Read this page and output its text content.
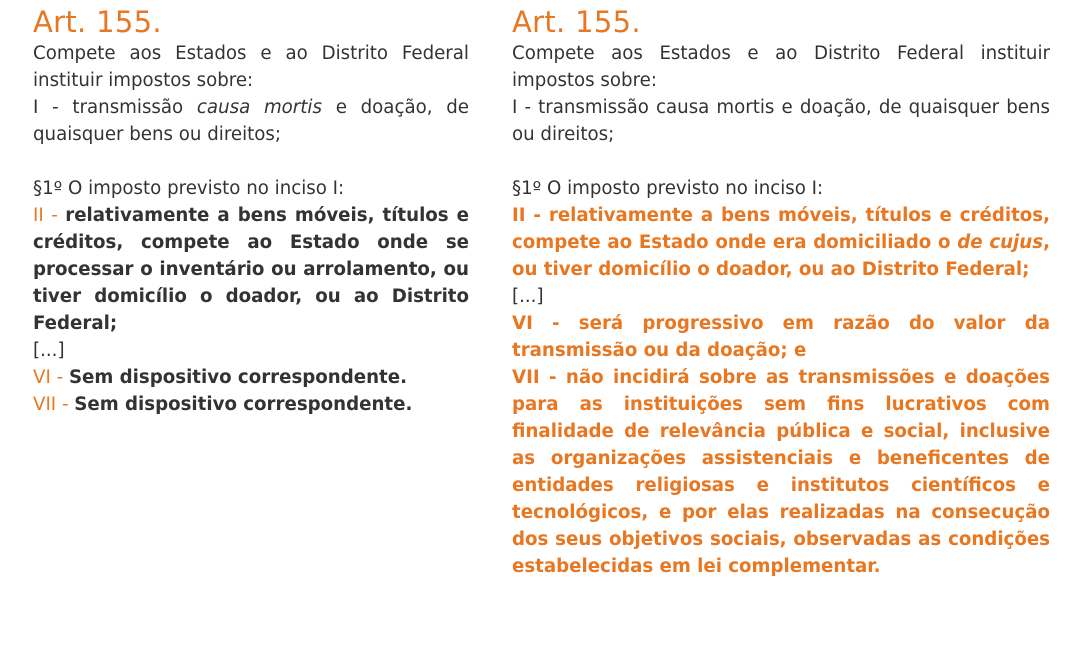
Art. 155.

Compete aos Estados e ao Distrito Federal instituir impostos sobre:

I - transmissão causa mortis e doação, de quaisquer bens ou direitos;

§1º O imposto previsto no inciso I:

II - relativamente a bens móveis, títulos e créditos, compete ao Estado onde se processar o inventário ou arrolamento, ou tiver domicílio o doador, ou ao Distrito Federal;

[...]

VI - Sem dispositivo correspondente.

VII - Sem dispositivo correspondente.

Art. 155.

Compete aos Estados e ao Distrito Federal instituir impostos sobre:

I - transmissão causa mortis e doação, de quaisquer bens ou direitos;

§1º O imposto previsto no inciso I:

II - relativamente a bens móveis, títulos e créditos, compete ao Estado onde era domiciliado o de cujus, ou tiver domicílio o doador, ou ao Distrito Federal;

[...]

VI - será progressivo em razão do valor da transmissão ou da doação; e

VII - não incidirá sobre as transmissões e doações para as instituições sem fins lucrativos com finalidade de relevância pública e social, inclusive as organizações assistenciais e beneficentes de entidades religiosas e institutos científicos e tecnológicos, e por elas realizadas na consecução dos seus objetivos sociais, observadas as condições estabelecidas em lei complementar.
